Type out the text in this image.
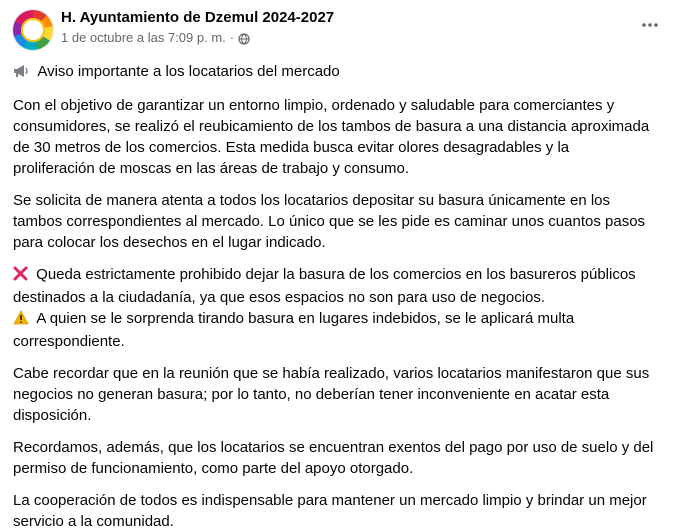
H. Ayuntamiento de Dzemul 2024-2027
1 de octubre a las 7:09 p. m. ·

Aviso importante a los locatarios del mercado

Con el objetivo de garantizar un entorno limpio, ordenado y saludable para comerciantes y
consumidores, se realizó el reubicamiento de los tambos de basura a una distancia aproximada
de 30 metros de los comercios. Esta medida busca evitar olores desagradables y la
proliferación de moscas en las áreas de trabajo y consumo.

Se solicita de manera atenta a todos los locatarios depositar su basura únicamente en los
tambos correspondientes al mercado. Lo único que se les pide es caminar unos cuantos pasos
para colocar los desechos en el lugar indicado.

Queda estrictamente prohibido dejar la basura de los comercios en los basureros públicos
destinados a la ciudadanía, ya que esos espacios no son para uso de negocios.
A quien se le sorprenda tirando basura en lugares indebidos, se le aplicará multa
correspondiente.

Cabe recordar que en la reunión que se había realizado, varios locatarios manifestaron que sus
negocios no generan basura; por lo tanto, no deberían tener inconveniente en acatar esta
disposición.

Recordamos, además, que los locatarios se encuentran exentos del pago por uso de suelo y del
permiso de funcionamiento, como parte del apoyo otorgado.

La cooperación de todos es indispensable para mantener un mercado limpio y brindar un mejor
servicio a la comunidad.
